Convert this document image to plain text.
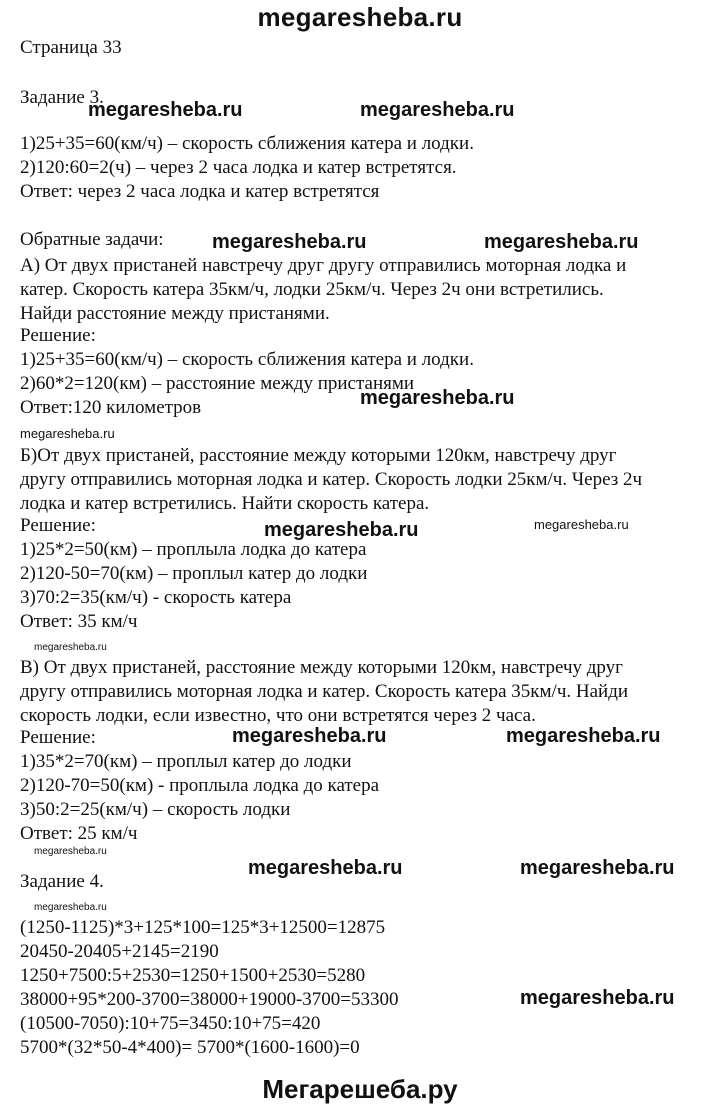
megaresheba.ru
Страница 33
Задание 3.
1)25+35=60(км/ч) – скорость сближения катера и лодки.
2)120:60=2(ч) – через 2 часа лодка и катер встретятся.
Ответ: через 2 часа лодка и катер встретятся
Обратные задачи:
А) От двух пристаней навстречу друг другу отправились моторная лодка и
катер. Скорость катера 35км/ч, лодки 25км/ч. Через 2ч они встретились.
Найди расстояние между пристанями.
Решение:
1)25+35=60(км/ч) – скорость сближения катера и лодки.
2)60*2=120(км) – расстояние между пристанями
Ответ:120 километров
Б)От двух пристаней, расстояние между которыми 120км, навстречу друг
другу отправились моторная лодка и катер. Скорость лодки 25км/ч. Через 2ч
лодка и катер встретились. Найти скорость катера.
Решение:
1)25*2=50(км) – проплыла лодка до катера
2)120-50=70(км) – проплыл катер до лодки
3)70:2=35(км/ч) - скорость катера
Ответ: 35 км/ч
В) От двух пристаней, расстояние между которыми 120км, навстречу друг
другу отправились моторная лодка и катер. Скорость катера 35км/ч. Найди
скорость лодки, если известно, что они встретятся через 2 часа.
Решение:
1)35*2=70(км) – проплыл катер до лодки
2)120-70=50(км) - проплыла лодка до катера
3)50:2=25(км/ч) – скорость лодки
Ответ: 25 км/ч
Задание 4.
(1250-1125)*3+125*100=125*3+12500=12875
20450-20405+2145=2190
1250+7500:5+2530=1250+1500+2530=5280
38000+95*200-3700=38000+19000-3700=53300
(10500-7050):10+75=3450:10+75=420
5700*(32*50-4*400)= 5700*(1600-1600)=0
megaresheba.ru	megaresheba.ru
megaresheba.ru	megaresheba.ru
megaresheba.ru
megaresheba.ru
megaresheba.ru	megaresheba.ru
megaresheba.ru	megaresheba.ru
megaresheba.ru
megaresheba.ru
megaresheba.ru
megaresheba.ru
megaresheba.ru
megaresheba.ru
Мегарешеба.ру
